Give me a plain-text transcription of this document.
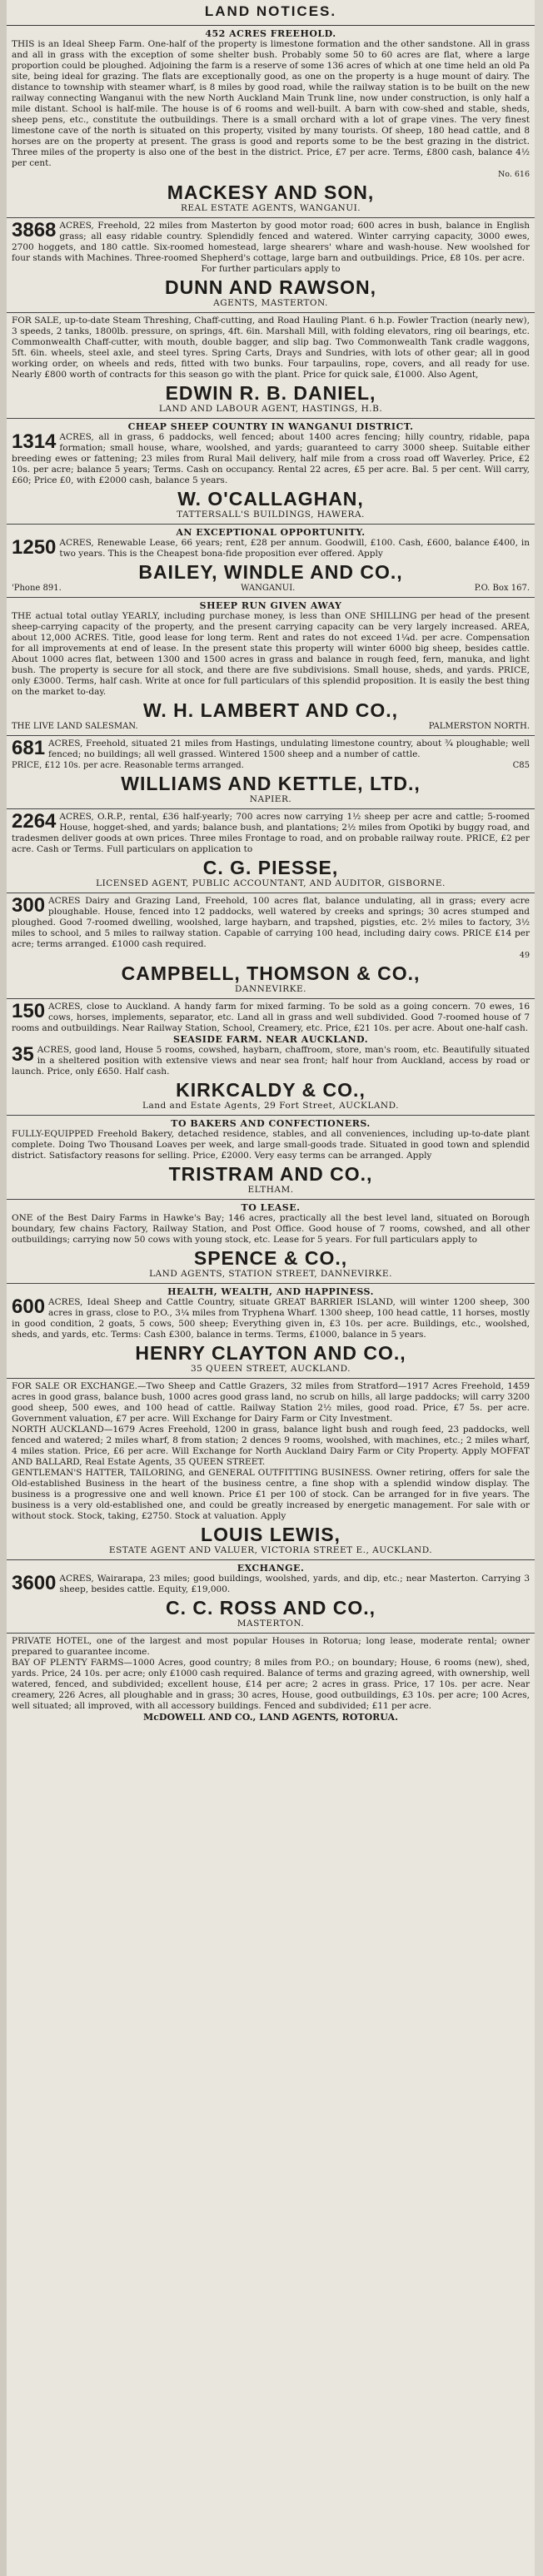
LAND NOTICES.

452 ACRES FREEHOLD.

THIS is an Ideal Sheep Farm. One-half of the property is limestone formation and the other sandstone. All in grass and all in grass with the exception of some shelter bush. Probably some 50 to 60 acres are flat, where a large proportion could be ploughed. Adjoining the farm is a reserve of some 136 acres of which at one time held an old Pa site, being ideal for grazing. The flats are exceptionally good, as one on the property is a huge mount of dairy. The distance to township with steamer wharf, is 8 miles by good road, while the railway station is to be built on the new railway connecting Wanganui with the new North Auckland Main Trunk line, now under construction, is only half a mile distant. School is half-mile. The house is of 6 rooms and well-built. A barn with cow-shed and stable, sheds, sheep pens, etc., constitute the outbuildings. There is a small orchard with a lot of grape vines. The very finest limestone cave of the north is situated on this property, visited by many tourists. Of sheep, 180 head cattle, and 8 horses are on the property at present. The grass is good and reports some to be the best grazing in the district. Three miles of the property is also one of the best in the district. Price, £7 per acre. Terms, £800 cash, balance 4½ per cent.

No. 616

MACKESY AND SON,

REAL ESTATE AGENTS, WANGANUI.

3868 ACRES, Freehold, 22 miles from Masterton by good motor road; 600 acres in bush, balance in English grass; all easy ridable country. Splendidly fenced and watered. Winter carrying capacity, 3000 ewes, 2700 hoggets, and 180 cattle. Six-roomed homestead, large shearers' whare and wash-house. New woolshed for four stands with Machines. Three-roomed Shepherd's cottage, large barn and outbuildings. Price, £8 10s. per acre.

For further particulars apply to

DUNN AND RAWSON,

AGENTS, MASTERTON.

FOR SALE, up-to-date Steam Threshing, Chaff-cutting, and Road Hauling Plant. 6 h.p. Fowler Traction (nearly new), 3 speeds, 2 tanks, 1800lb. pressure, on springs, 4ft. 6in. Marshall Mill, with folding elevators, ring oil bearings, etc. Commonwealth Chaff-cutter, with mouth, double bagger, and slip bag. Two Commonwealth Tank cradle waggons, 5ft. 6in. wheels, steel axle, and steel tyres. Spring Carts, Drays and Sundries, with lots of other gear; all in good working order, on wheels and reds, fitted with two bunks. Four tarpaulins, rope, covers, and all ready for use. Nearly £800 worth of contracts for this season go with the plant. Price for quick sale, £1000. Also Agent,

EDWIN R. B. DANIEL,

LAND AND LABOUR AGENT, HASTINGS, H.B.

CHEAP SHEEP COUNTRY IN WANGANUI DISTRICT.

1314 ACRES, all in grass, 6 paddocks, well fenced; about 1400 acres fencing; hilly country, ridable, papa formation; small house, whare, woolshed, and yards; guaranteed to carry 3000 sheep. Suitable either breeding ewes or fattening; 23 miles from Rural Mail delivery, half mile from a cross road off Waverley. Price, £2 10s. per acre; balance 5 years; Terms. Cash on occupancy. Rental 22 acres, £5 per acre. Bal. 5 per cent. Will carry, £60; Price £0, with £2000 cash, balance 5 years.

W. O'CALLAGHAN,

TATTERSALL'S BUILDINGS, HAWERA.

AN EXCEPTIONAL OPPORTUNITY.

1250 ACRES, Renewable Lease, 66 years; rent, £28 per annum. Goodwill, £100. Cash, £600, balance £400, in two years. This is the Cheapest bona-fide proposition ever offered. Apply

BAILEY, WINDLE AND CO.,

'Phone 891.	WANGANUI.	P.O. Box 167.

SHEEP RUN GIVEN AWAY

THE actual total outlay YEARLY, including purchase money, is less than ONE SHILLING per head of the present sheep-carrying capacity of the property, and the present carrying capacity can be very largely increased. AREA, about 12,000 ACRES. Title, good lease for long term. Rent and rates do not exceed 1¼d. per acre. Compensation for all improvements at end of lease. In the present state this property will winter 6000 big sheep, besides cattle. About 1000 acres flat, between 1300 and 1500 acres in grass and balance in rough feed, fern, manuka, and light bush. The property is secure for all stock, and there are five subdivisions. Small house, sheds, and yards. PRICE, only £3000. Terms, half cash. Write at once for full particulars of this splendid proposition. It is easily the best thing on the market to-day.

W. H. LAMBERT AND CO.,

THE LIVE LAND SALESMAN.	PALMERSTON NORTH.
681 ACRES, Freehold, situated 21 miles from Hastings, undulating limestone country, about ¾ ploughable; well fenced; no buildings; all well grassed. Wintered 1500 sheep and a number of cattle.

PRICE, £12 10s. per acre. Reasonable terms arranged.	C85

WILLIAMS AND KETTLE, LTD.,

NAPIER.

2264 ACRES, O.R.P., rental, £36 half-yearly; 700 acres now carrying 1½ sheep per acre and cattle; 5-roomed House, hogget-shed, and yards; balance bush, and plantations; 2½ miles from Opotiki by buggy road, and tradesmen deliver goods at own prices. Three miles Frontage to road, and on probable railway route. PRICE, £2 per acre. Cash or Terms. Full particulars on application to

C. G. PIESSE,

LICENSED AGENT, PUBLIC ACCOUNTANT, AND AUDITOR, GISBORNE.

300 ACRES Dairy and Grazing Land, Freehold, 100 acres flat, balance undulating, all in grass; every acre ploughable. House, fenced into 12 paddocks, well watered by creeks and springs; 30 acres stumped and ploughed. Good 7-roomed dwelling, woolshed, large haybarn, and trapshed, pigsties, etc. 2½ miles to factory, 3½ miles to school, and 5 miles to railway station. Capable of carrying 100 head, including dairy cows. PRICE £14 per acre; terms arranged. £1000 cash required.

49

CAMPBELL, THOMSON & CO.,

DANNEVIRKE.

150 ACRES, close to Auckland. A handy farm for mixed farming. To be sold as a going concern. 70 ewes, 16 cows, horses, implements, separator, etc. Land all in grass and well subdivided. Good 7-roomed house of 7 rooms and outbuildings. Near Railway Station, School, Creamery, etc. Price, £21 10s. per acre. About one-half cash.

SEASIDE FARM. NEAR AUCKLAND.

35 ACRES, good land, House 5 rooms, cowshed, haybarn, chaffroom, store, man's room, etc. Beautifully situated in a sheltered position with extensive views and near sea front; half hour from Auckland, access by road or launch. Price, only £650. Half cash.

KIRKCALDY & CO.,

Land and Estate Agents, 29 Fort Street, AUCKLAND.

TO BAKERS AND CONFECTIONERS.

FULLY-EQUIPPED Freehold Bakery, detached residence, stables, and all conveniences, including up-to-date plant complete. Doing Two Thousand Loaves per week, and large small-goods trade. Situated in good town and splendid district. Satisfactory reasons for selling. Price, £2000. Very easy terms can be arranged. Apply

TRISTRAM AND CO.,

ELTHAM.

TO LEASE.

ONE of the Best Dairy Farms in Hawke's Bay; 146 acres, practically all the best level land, situated on Borough boundary, few chains Factory, Railway Station, and Post Office. Good house of 7 rooms, cowshed, and all other outbuildings; carrying now 50 cows with young stock, etc. Lease for 5 years. For full particulars apply to

SPENCE & CO.,

LAND AGENTS, STATION STREET, DANNEVIRKE.

HEALTH, WEALTH, AND HAPPINESS.

600 ACRES, Ideal Sheep and Cattle Country, situate GREAT BARRIER ISLAND, will winter 1200 sheep, 300 acres in grass, close to P.O., 3¼ miles from Tryphena Wharf. 1300 sheep, 100 head cattle, 11 horses, mostly in good condition, 2 goats, 5 cows, 500 sheep; Everything given in, £3 10s. per acre. Buildings, etc., woolshed, sheds, and yards, etc. Terms: Cash £300, balance in terms. Terms, £1000, balance in 5 years.

HENRY CLAYTON AND CO.,

35 QUEEN STREET, AUCKLAND.

FOR SALE OR EXCHANGE.—Two Sheep and Cattle Grazers, 32 miles from Stratford—1917 Acres Freehold, 1459 acres in good grass, balance bush, 1000 acres good grass land, no scrub on hills, all large paddocks; will carry 3200 good sheep, 500 ewes, and 100 head of cattle. Railway Station 2½ miles, good road. Price, £7 5s. per acre. Government valuation, £7 per acre. Will Exchange for Dairy Farm or City Investment.

NORTH AUCKLAND—1679 Acres Freehold, 1200 in grass, balance light bush and rough feed, 23 paddocks, well fenced and watered; 2 miles wharf, 8 from station; 2 dences 9 rooms, woolshed, with machines, etc.; 2 miles wharf, 4 miles station. Price, £6 per acre. Will Exchange for North Auckland Dairy Farm or City Property. Apply MOFFAT AND BALLARD, Real Estate Agents, 35 QUEEN STREET.

GENTLEMAN'S HATTER, TAILORING, and GENERAL OUTFITTING BUSINESS. Owner retiring, offers for sale the Old-established Business in the heart of the business centre, a fine shop with a splendid window display. The business is a progressive one and well known. Price £1 per 100 of stock. Can be arranged for in five years. The business is a very old-established one, and could be greatly increased by energetic management. For sale with or without stock. Stock, taking, £2750. Stock at valuation. Apply

LOUIS LEWIS,

ESTATE AGENT AND VALUER, VICTORIA STREET E., AUCKLAND.

EXCHANGE.

3600 ACRES, Wairarapa, 23 miles; good buildings, woolshed, yards, and dip, etc.; near Masterton. Carrying 3 sheep, besides cattle. Equity, £19,000.

C. C. ROSS AND CO.,

MASTERTON.

PRIVATE HOTEL, one of the largest and most popular Houses in Rotorua; long lease, moderate rental; owner prepared to guarantee income.

BAY OF PLENTY FARMS—1000 Acres, good country; 8 miles from P.O.; on boundary; House, 6 rooms (new), shed, yards. Price, 24 10s. per acre; only £1000 cash required. Balance of terms and grazing agreed, with ownership, well watered, fenced, and subdivided; excellent house, £14 per acre; 2 acres in grass. Price, 17 10s. per acre. Near creamery, 226 Acres, all ploughable and in grass; 30 acres, House, good outbuildings, £3 10s. per acre; 100 Acres, well situated; all improved, with all accessory buildings. Fenced and subdivided; £11 per acre.

McDOWELL AND CO., LAND AGENTS, ROTORUA.
